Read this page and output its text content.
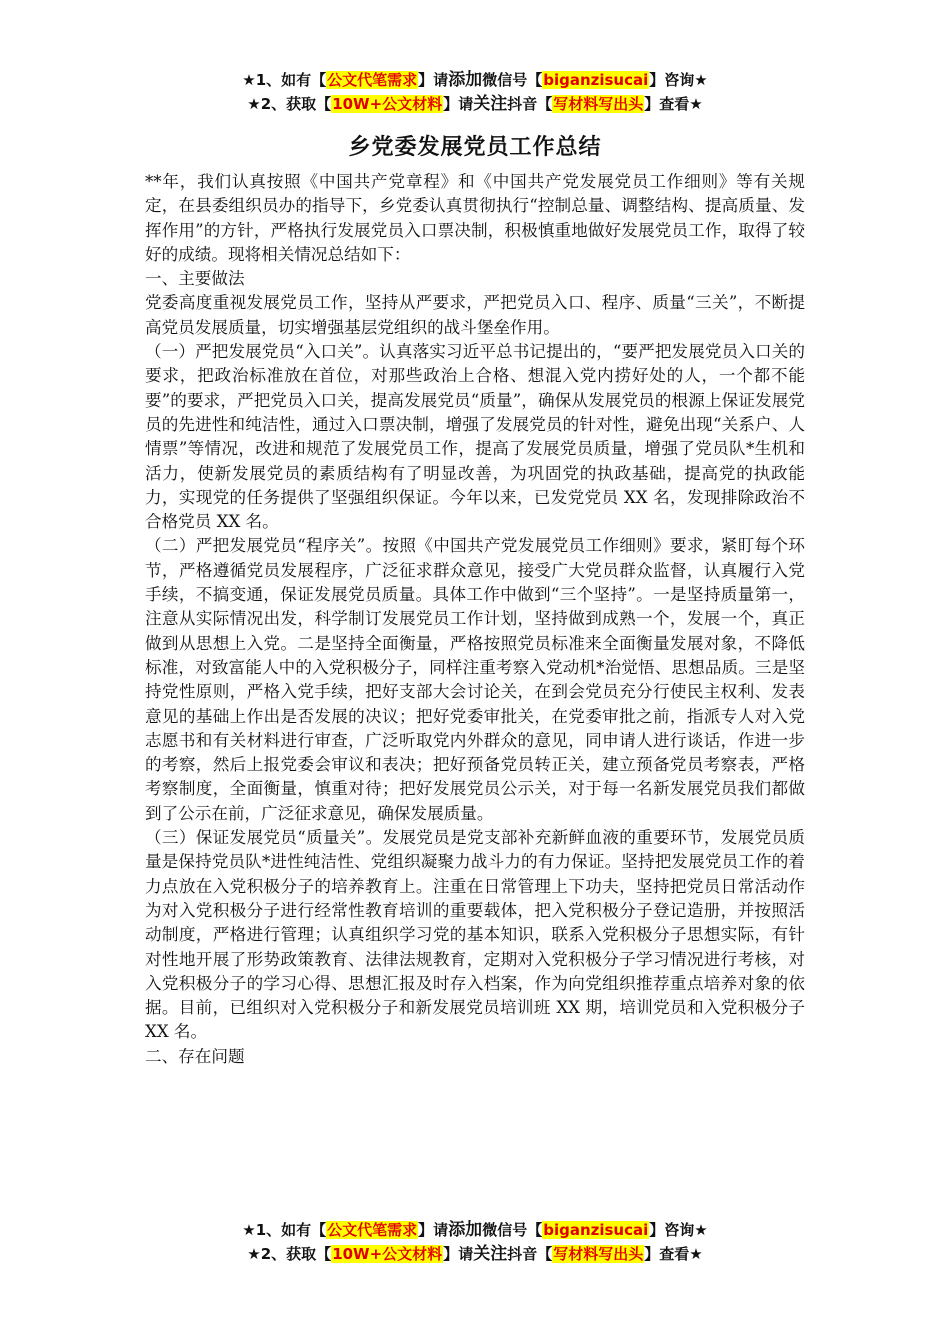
★1、如有【公文代笔需求】请添加微信号【biganzisucai】咨询★
★2、获取【10W+公文材料】请关注抖音【写材料写出头】查看★
乡党委发展党员工作总结

**年，我们认真按照《中国共产党章程》和《中国共产党发展党员工作细则》等有关规定，在县委组织员办的指导下，乡党委认真贯彻执行“控制总量、调整结构、提高质量、发挥作用”的方针，严格执行发展党员入口票决制，积极慎重地做好发展党员工作，取得了较好的成绩。现将相关情况总结如下：

一、主要做法

党委高度重视发展党员工作，坚持从严要求，严把党员入口、程序、质量“三关”，不断提高党员发展质量，切实增强基层党组织的战斗堡垒作用。

（一）严把发展党员“入口关”。认真落实习近平总书记提出的，“要严把发展党员入口关的要求，把政治标准放在首位，对那些政治上合格、想混入党内捞好处的人，一个都不能要”的要求，严把党员入口关，提高发展党员“质量”，确保从发展党员的根源上保证发展党员的先进性和纯洁性，通过入口票决制，增强了发展党员的针对性，避免出现“关系户、人情票”等情况，改进和规范了发展党员工作，提高了发展党员质量，增强了党员队*生机和活力，使新发展党员的素质结构有了明显改善，为巩固党的执政基础，提高党的执政能力，实现党的任务提供了坚强组织保证。今年以来，已发党党员 XX 名，发现排除政治不合格党员 XX 名。

（二）严把发展党员“程序关”。按照《中国共产党发展党员工作细则》要求，紧盯每个环节，严格遵循党员发展程序，广泛征求群众意见，接受广大党员群众监督，认真履行入党手续，不搞变通，保证发展党员质量。具体工作中做到“三个坚持”。一是坚持质量第一，注意从实际情况出发，科学制订发展党员工作计划，坚持做到成熟一个，发展一个，真正做到从思想上入党。二是坚持全面衡量，严格按照党员标准来全面衡量发展对象，不降低标准，对致富能人中的入党积极分子，同样注重考察入党动机*治觉悟、思想品质。三是坚持党性原则，严格入党手续，把好支部大会讨论关，在到会党员充分行使民主权利、发表意见的基础上作出是否发展的决议；把好党委审批关，在党委审批之前，指派专人对入党志愿书和有关材料进行审查，广泛听取党内外群众的意见，同申请人进行谈话，作进一步的考察，然后上报党委会审议和表决；把好预备党员转正关，建立预备党员考察表，严格考察制度，全面衡量，慎重对待；把好发展党员公示关，对于每一名新发展党员我们都做到了公示在前，广泛征求意见，确保发展质量。

（三）保证发展党员“质量关”。发展党员是党支部补充新鲜血液的重要环节，发展党员质量是保持党员队*进性纯洁性、党组织凝聚力战斗力的有力保证。坚持把发展党员工作的着力点放在入党积极分子的培养教育上。注重在日常管理上下功夫，坚持把党员日常活动作为对入党积极分子进行经常性教育培训的重要载体，把入党积极分子登记造册，并按照活动制度，严格进行管理；认真组织学习党的基本知识，联系入党积极分子思想实际，有针对性地开展了形势政策教育、法律法规教育，定期对入党积极分子学习情况进行考核，对入党积极分子的学习心得、思想汇报及时存入档案，作为向党组织推荐重点培养对象的依据。目前，已组织对入党积极分子和新发展党员培训班 XX 期，培训党员和入党积极分子 XX 名。

二、存在问题

★1、如有【公文代笔需求】请添加微信号【biganzisucai】咨询★
★2、获取【10W+公文材料】请关注抖音【写材料写出头】查看★
